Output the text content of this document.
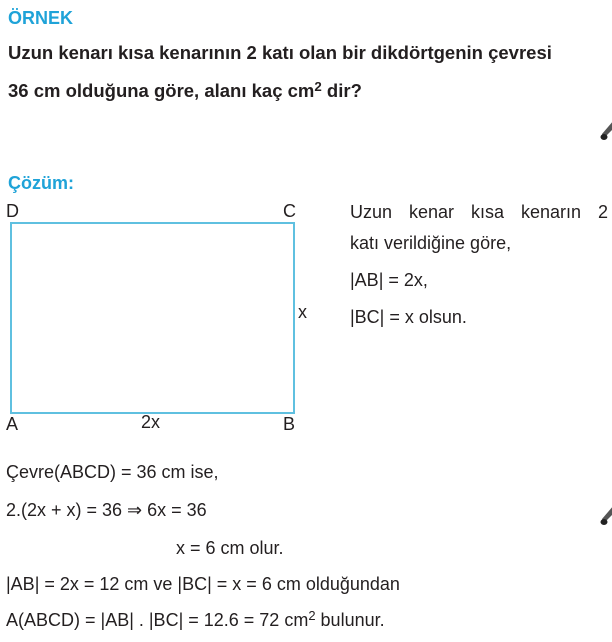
ÖRNEK
Uzun kenarı kısa kenarının 2 katı olan bir dikdörtgenin çevresi
36 cm olduğuna göre, alanı kaç $cm^2$ dir?
Çözüm:
D	C
x
A	2x	B
Uzun kenar kısa kenarın 2
katı verildiğine göre,
|AB| = 2x,
|BC| = x olsun.
Çevre(ABCD) = 36 cm ise,
2.(2x + x) = 36 ⇒ 6x = 36
x = 6 cm olur.
|AB| = 2x = 12 cm ve |BC| = x = 6 cm olduğundan
A(ABCD) = |AB| . |BC| = 12.6 = 72 $cm^2$ bulunur.
